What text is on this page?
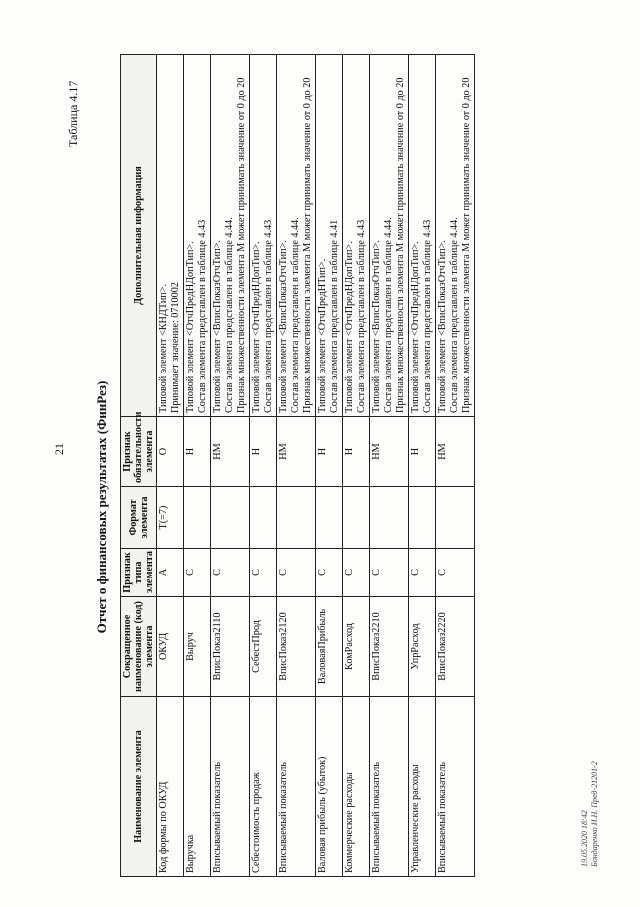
21
Таблица 4.17
Отчет о финансовых результатах (ФинРез)
Наименование элемента	Сокращенное наименование (код) элемента	Признак типа элемента	Формат элемента	Признак обязательности элемента	Дополнительная информация
Код формы по ОКУД	ОКУД	А	Т(=7)	О	Типовой элемент <КНДТип>. Принимает значение: 0710002

Выручка	Выруч	С		Н	Типовой элемент <ОтчПредНДопТип>. Состав элемента представлен в таблице 4.43

Вписываемый показатель	ВписПоказ2110	С		НМ	Типовой элемент <ВписПоказОтчТип>. Состав элемента представлен в таблице 4.44. Признак множественности элемента М может принимать значение от 0 до 20

Себестоимость продаж	СебестПрод	С		Н	Типовой элемент <ОтчПредНДопТип>. Состав элемента представлен в таблице 4.43

Вписываемый показатель	ВписПоказ2120	С		НМ	Типовой элемент <ВписПоказОтчТип>. Состав элемента представлен в таблице 4.44. Признак множественности элемента М может принимать значение от 0 до 20

Валовая прибыль (убыток)	ВаловаяПрибыль	С		Н	Типовой элемент <ОтчПредНТип>. Состав элемента представлен в таблице 4.41

Коммерческие расходы	КомРасход	С		Н	Типовой элемент <ОтчПредНДопТип>. Состав элемента представлен в таблице 4.43

Вписываемый показатель	ВписПоказ2210	С		НМ	Типовой элемент <ВписПоказОтчТип>. Состав элемента представлен в таблице 4.44. Признак множественности элемента М может принимать значение от 0 до 20

Управленческие расходы	УпрРасход	С		Н	Типовой элемент <ОтчПредНДопТип>. Состав элемента представлен в таблице 4.43

Вписываемый показатель	ВписПоказ2220	С		НМ	Типовой элемент <ВписПоказОтчТип>. Состав элемента представлен в таблице 4.44. Признак множественности элемента М может принимать значение от 0 до 20
19.05.2020 18:42 Бондаренко И.Н. Пред-21201-2
